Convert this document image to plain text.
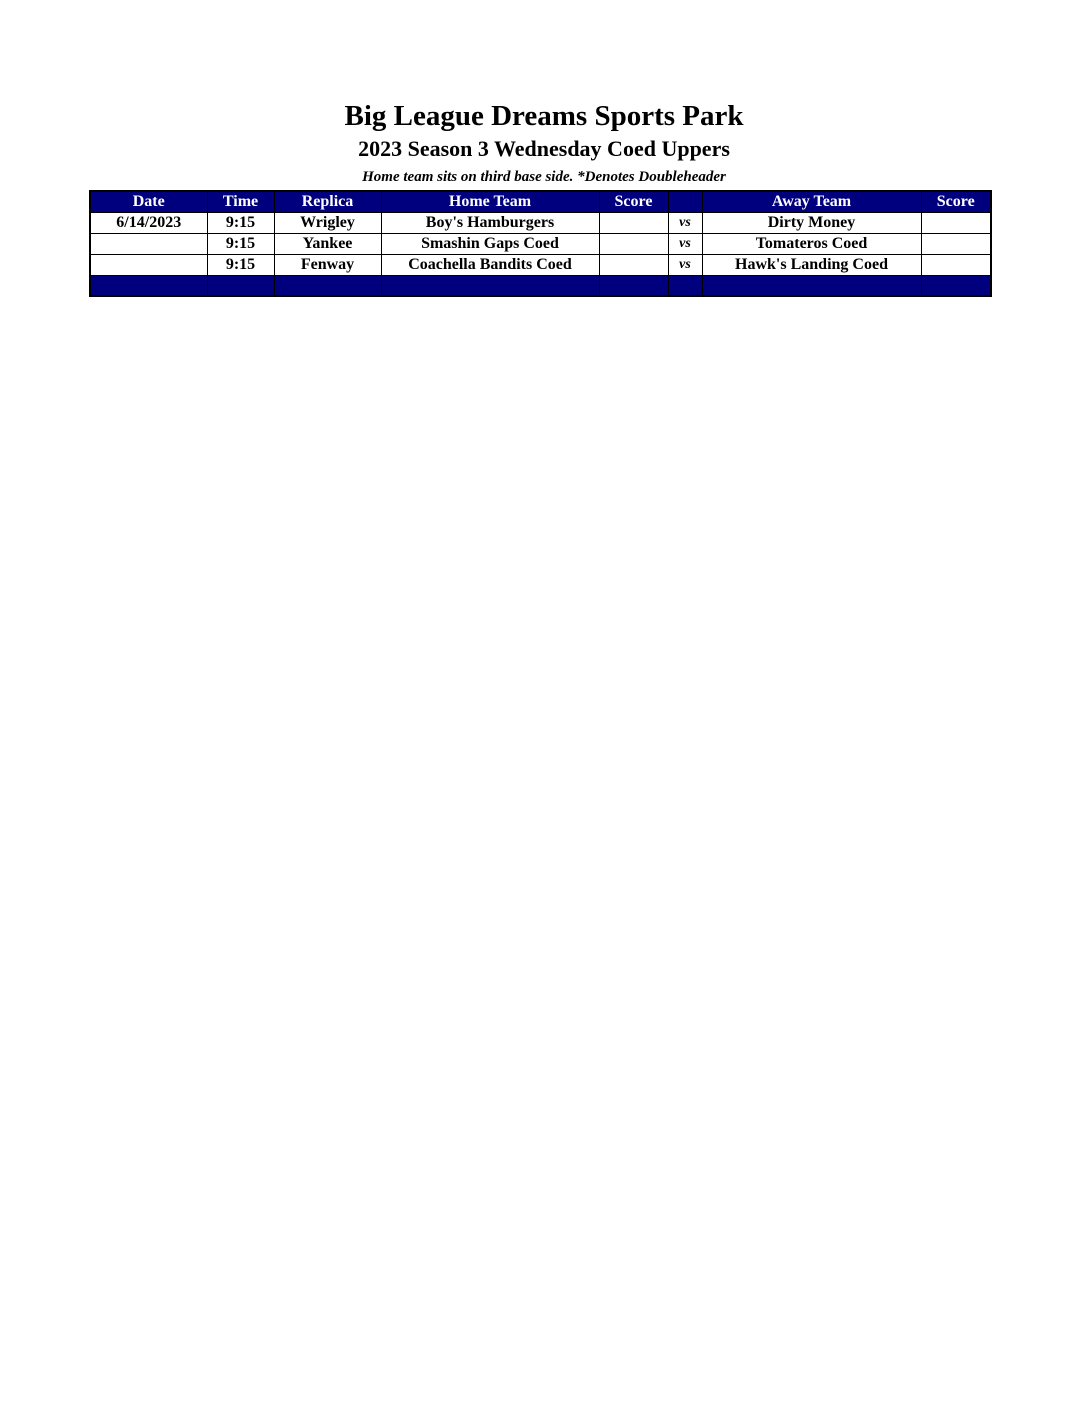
Big League Dreams Sports Park
2023 Season 3 Wednesday Coed Uppers
Home team sits on third base side. *Denotes Doubleheader
Date	Time	Replica	Home Team	Score		Away Team	Score
6/14/2023	9:15	Wrigley	Boy's Hamburgers		vs	Dirty Money	
	9:15	Yankee	Smashin Gaps Coed		vs	Tomateros Coed	
	9:15	Fenway	Coachella Bandits Coed		vs	Hawk's Landing Coed	
